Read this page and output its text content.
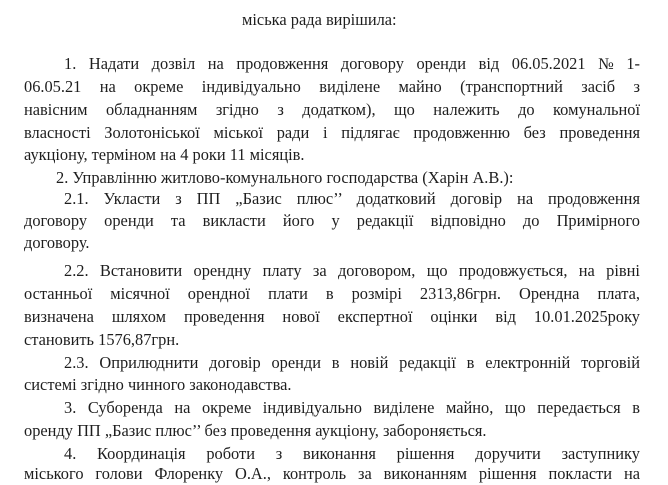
міська рада вирішила:
1. Надати дозвіл на продовження договору оренди від 06.05.2021 № 1-
06.05.21 на окреме індивідуально виділене майно (транспортний засіб з
навісним обладнанням згідно з додатком), що належить до комунальної
власності Золотоніської міської ради і підлягає продовженню без проведення
аукціону, терміном на 4 роки 11 місяців.
2. Управлінню житлово-комунального господарства (Харін А.В.):
2.1. Укласти з ПП „Базис плюс’’ додатковий договір на продовження
договору оренди та викласти його у редакції відповідно до Примірного
договору.
2.2. Встановити орендну плату за договором, що продовжується, на рівні
останньої місячної орендної плати в розмірі 2313,86грн. Орендна плата,
визначена шляхом проведення нової експертної оцінки від 10.01.2025року
становить 1576,87грн.
2.3. Оприлюднити договір оренди в новій редакції в електронній торговій
системі згідно чинного законодавства.
3. Суборенда на окреме індивідуально виділене майно, що передається в
оренду ПП „Базис плюс’’ без проведення аукціону, забороняється.
4. Координація роботи з виконання рішення доручити заступнику
міського голови Флоренку О.А., контроль за виконанням рішення покласти на
